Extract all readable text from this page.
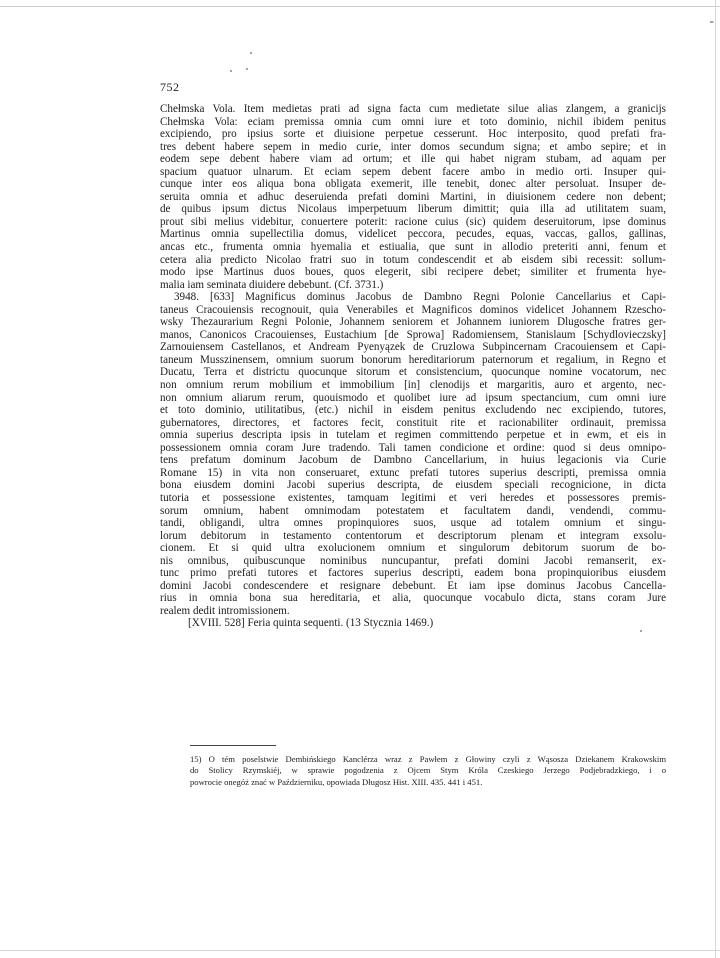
-
752
Chełmska Vola. Item medietas prati ad signa facta cum medietate silue alias zlangem, a granicijs
Chełmska Vola: eciam premissa omnia cum omni iure et toto dominio, nichil ibidem penitus
excipiendo, pro ipsius sorte et diuisione perpetue cesserunt. Hoc interposito, quod prefati fra-
tres debent habere sepem in medio curie, inter domos secundum signa; et ambo sepire; et in
eodem sepe debent habere viam ad ortum; et ille qui habet nigram stubam, ad aquam per
spacium quatuor ulnarum. Et eciam sepem debent facere ambo in medio orti. Insuper qui-
cunque inter eos aliqua bona obligata exemerit, ille tenebit, donec alter persoluat. Insuper de-
seruita omnia et adhuc deseruienda prefati domini Martini, in diuisionem cedere non debent;
de quibus ipsum dictus Nicolaus imperpetuum liberum dimittit; quia illa ad utilitatem suam,
prout sibi melius videbitur, conuertere poterit: racione cuius (sic) quidem deseruitorum, ipse dominus
Martinus omnia supellectilia domus, videlicet peccora, pecudes, equas, vaccas, gallos, gallinas,
ancas etc., frumenta omnia hyemalia et estiualia, que sunt in allodio preteriti anni, fenum et
cetera alia predicto Nicolao fratri suo in totum condescendit et ab eisdem sibi recessit: sollum-
modo ipse Martinus duos boues, quos elegerit, sibi recipere debet; similiter et frumenta hye-
malia iam seminata diuidere debebunt. (Cf. 3731.)
3948. [633] Magnificus dominus Jacobus de Dambno Regni Polonie Cancellarius et Capi-
taneus Cracouiensis recognouit, quia Venerabiles et Magnificos dominos videlicet Johannem Rzescho-
wsky Thezaurarium Regni Polonie, Johannem seniorem et Johannem iuniorem Dlugosche fratres ger-
manos, Canonicos Cracouienses, Eustachium [de Sprowa] Radomiensem, Stanislaum [Schydlovieczsky]
Zarnouiensem Castellanos, et Andream Pyenyązek de Cruzlowa Subpincernam Cracouiensem et Capi-
taneum Musszinensem, omnium suorum bonorum hereditariorum paternorum et regalium, in Regno et
Ducatu, Terra et districtu quocunque sitorum et consistencium, quocunque nomine vocatorum, nec
non omnium rerum mobilium et immobilium [in] clenodijs et margaritis, auro et argento, nec-
non omnium aliarum rerum, quouismodo et quolibet iure ad ipsum spectancium, cum omni iure
et toto dominio, utilitatibus, (etc.) nichil in eisdem penitus excludendo nec excipiendo, tutores,
gubernatores, directores, et factores fecit, constituit rite et racionabiliter ordinauit, premissa
omnia superius descripta ipsis in tutelam et regimen committendo perpetue et in ewm, et eis in
possessionem omnia coram Jure tradendo. Tali tamen condicione et ordine: quod si deus omnipo-
tens prefatum dominum Jacobum de Dambno Cancellarium, in huius legacionis via Curie
Romane 15) in vita non conseruaret, extunc prefati tutores superius descripti, premissa omnia
bona eiusdem domini Jacobi superius descripta, de eiusdem speciali recognicione, in dicta
tutoria et possessione existentes, tamquam legitimi et veri heredes et possessores premis-
sorum omnium, habent omnimodam potestatem et facultatem dandi, vendendi, commu-
tandi, obligandi, ultra omnes propinquiores suos, usque ad totalem omnium et singu-
lorum debitorum in testamento contentorum et descriptorum plenam et integram exsolu-
cionem. Et si quid ultra exolucionem omnium et singulorum debitorum suorum de bo-
nis omnibus, quibuscunque nominibus nuncupantur, prefati domini Jacobi remanserit, ex-
tunc primo prefati tutores et factores superius descripti, eadem bona propinquioribus eiusdem
domini Jacobi condescendere et resignare debebunt. Et iam ipse dominus Jacobus Cancella-
rius in omnia bona sua hereditaria, et alia, quocunque vocabulo dicta, stans coram Jure
realem dedit intromissionem.
[XVIII. 528] Feria quinta sequenti. (13 Stycznia 1469.)
15) O tém poselstwie Dembińskiego Kanclérza wraz z Pawłem z Głowiny czyli z Wąsosza Dziekanem Krakowskim
do Stolicy Rzymskiéj, w sprawie pogodzenia z Ojcem Stym Króla Czeskiego Jerzego Podjebradzkiego, i o
powrocie onegóż znać w Październiku, opowiada Długosz Hist. XIII. 435. 441 i 451.
